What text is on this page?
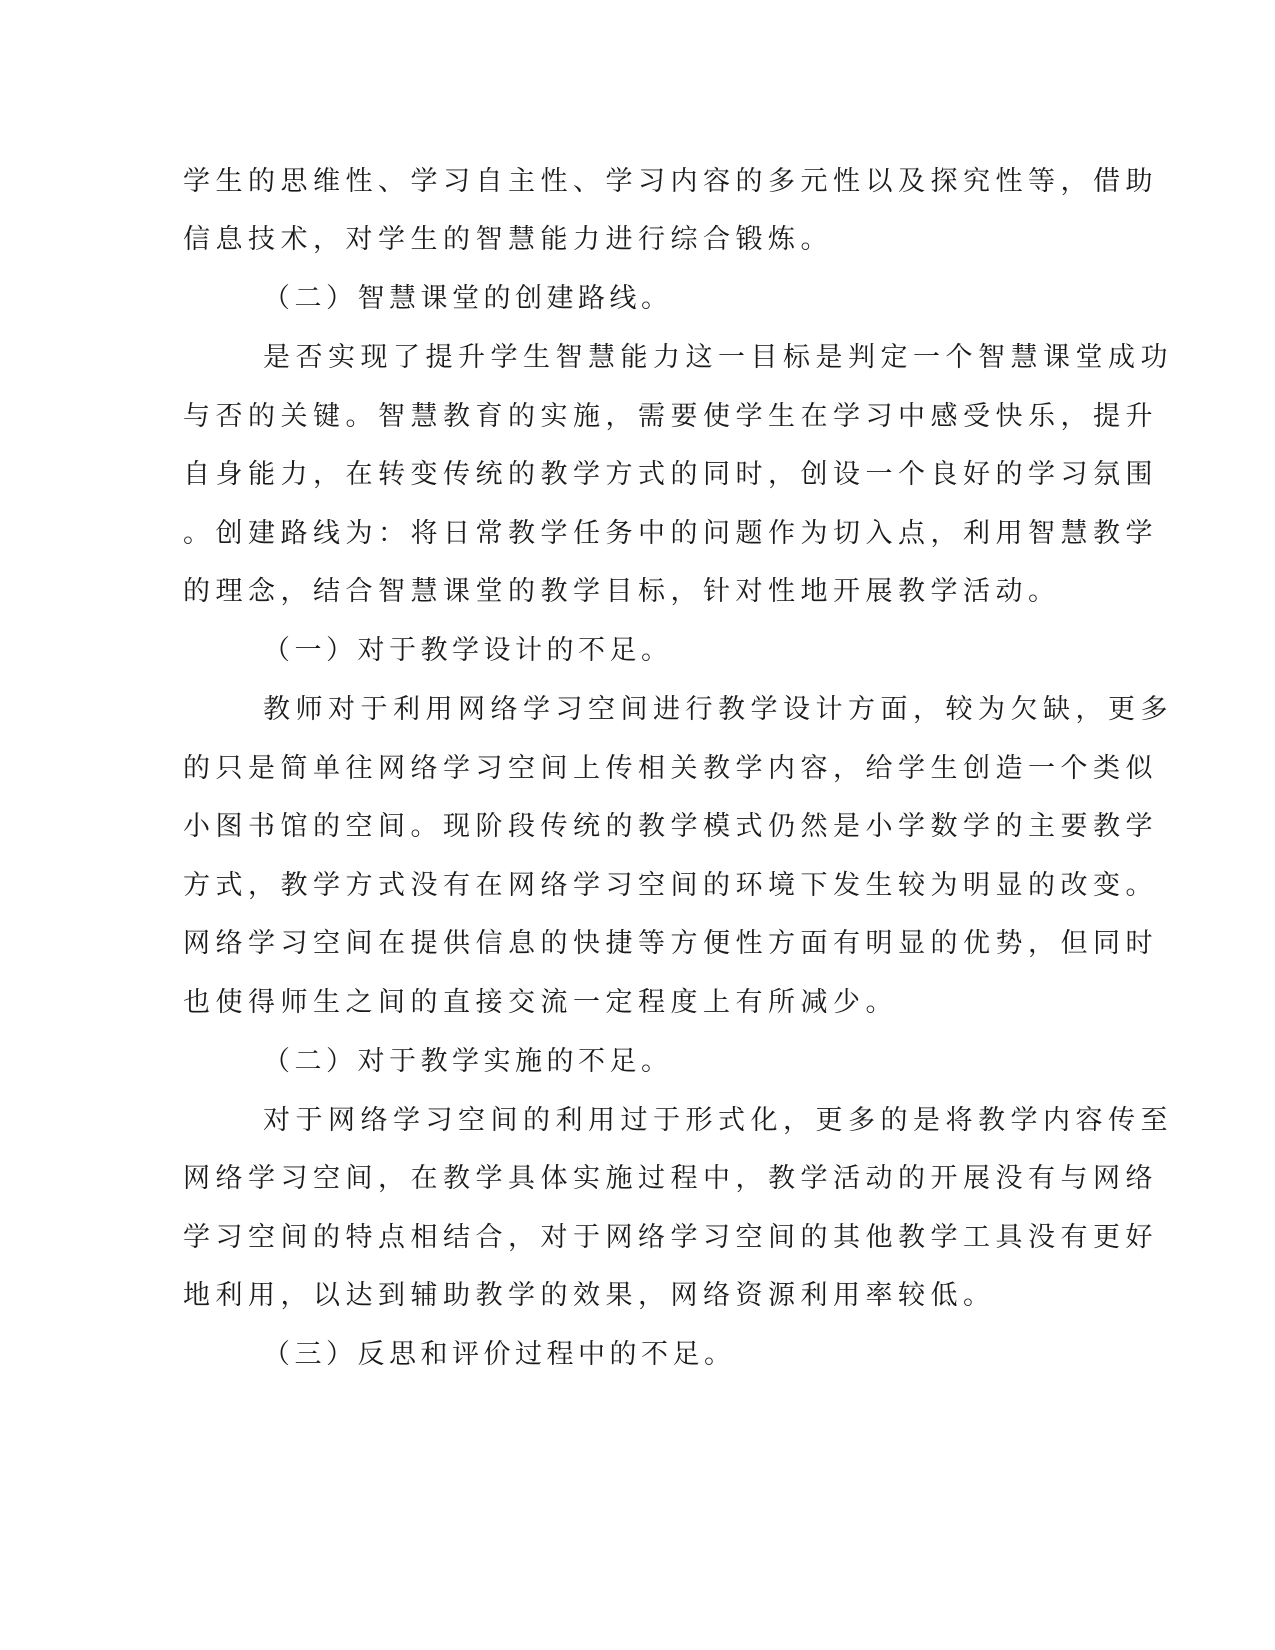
学生的思维性、学习自主性、学习内容的多元性以及探究性等，借助
信息技术，对学生的智慧能力进行综合锻炼。
（二）智慧课堂的创建路线。
是否实现了提升学生智慧能力这一目标是判定一个智慧课堂成功
与否的关键。智慧教育的实施，需要使学生在学习中感受快乐，提升
自身能力，在转变传统的教学方式的同时，创设一个良好的学习氛围
。创建路线为：将日常教学任务中的问题作为切入点，利用智慧教学
的理念，结合智慧课堂的教学目标，针对性地开展教学活动。
（一）对于教学设计的不足。
教师对于利用网络学习空间进行教学设计方面，较为欠缺，更多
的只是简单往网络学习空间上传相关教学内容，给学生创造一个类似
小图书馆的空间。现阶段传统的教学模式仍然是小学数学的主要教学
方式，教学方式没有在网络学习空间的环境下发生较为明显的改变。
网络学习空间在提供信息的快捷等方便性方面有明显的优势，但同时
也使得师生之间的直接交流一定程度上有所减少。
（二）对于教学实施的不足。
对于网络学习空间的利用过于形式化，更多的是将教学内容传至
网络学习空间，在教学具体实施过程中，教学活动的开展没有与网络
学习空间的特点相结合，对于网络学习空间的其他教学工具没有更好
地利用，以达到辅助教学的效果，网络资源利用率较低。
（三）反思和评价过程中的不足。
